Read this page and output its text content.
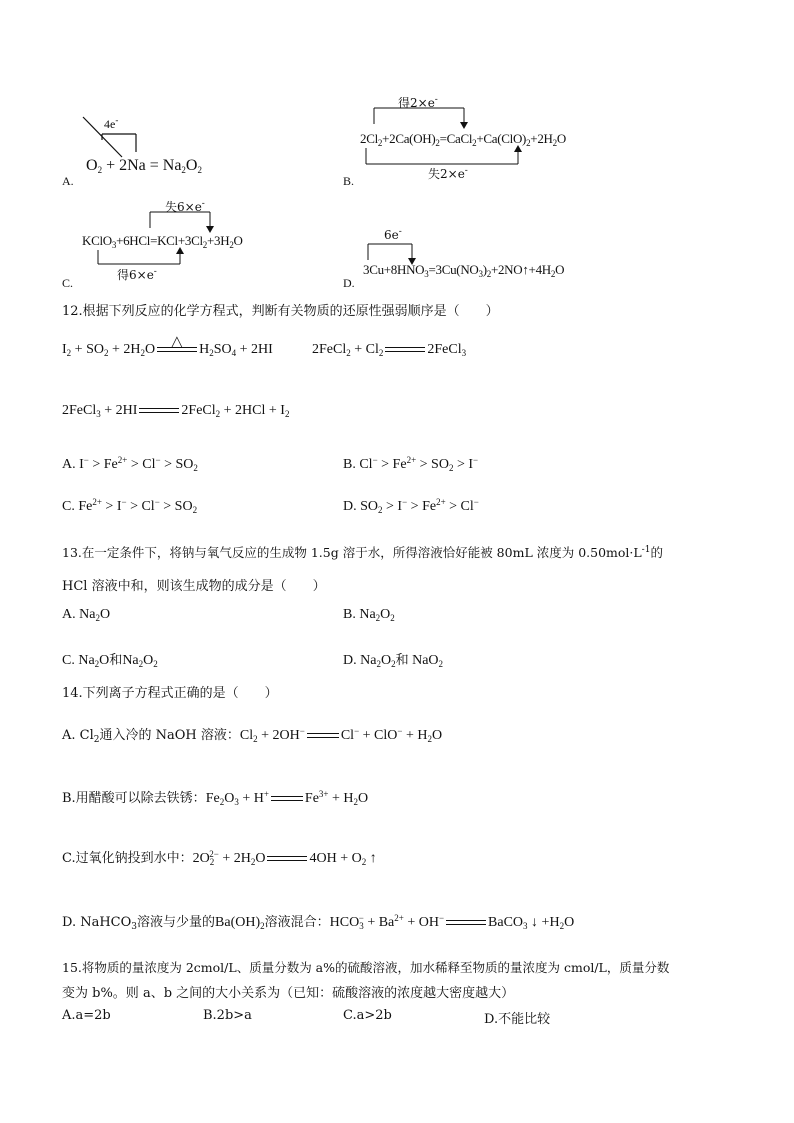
A.
4e-
$O_2 + 2Na = Na_2O_2$
B.
得2×e-
$2Cl_2+2Ca(OH)_2=CaCl_2+Ca(ClO)_2+2H_2O$
失2×e-
C.
失6×e-
$KClO_3+6HCl=KCl+3Cl_2+3H_2O$
得6×e-
D.
6e-
$3Cu+8HNO_3=3Cu(NO_3)_2+2NO↑+4H_2O$
12.根据下列反应的化学方程式，判断有关物质的还原性强弱顺序是（　　）
$I_2 + SO_2 + 2H_2O$ △ $H_2SO_4 + 2HI$	2FeCl$_2$ + $Cl_2$	2FeCl$_3$
2FeCl$_3$ + 2HI	2FeCl$_2$ + $2HCl + I_2$
A. $I^- > Fe^{2+} > Cl^- > SO_2$	B. $Cl^- > Fe^{2+} > SO_2 > I^-$
C. $Fe^{2+} > I^- > Cl^- > SO_2$	D. $SO_2 > I^- > Fe^{2+} > Cl^-$
13.在一定条件下，将钠与氧气反应的生成物 1.5g 溶于水，所得溶液恰好能被 80mL 浓度为 $0.50mol\cdot L^{-1}$的
HCl 溶液中和，则该生成物的成分是（　　）
A. $Na_2O$	B. $Na_2O_2$
C. $Na_2O$和$Na_2O_2$	D. $Na_2O_2$和 NaO$_2$
14.下列离子方程式正确的是（　　）
A. $Cl_2$通入冷的 NaOH 溶液：$Cl_2 + 2OH^-$	$Cl^- + ClO^- + H_2O$
B.用醋酸可以除去铁锈：$Fe_2O_3 + H^+$	$Fe^{3+} + H_2O$
C.过氧化钠投到水中：$2O_2^{2-} + 2H_2O$	$4OH + O_2$ ↑
D. NaHCO$_3$溶液与少量的$Ba(OH)_2$溶液混合：$HCO_3^- + Ba^{2+} + OH^-$	BaCO$_3$ ↓ $+H_2O$
15.将物质的量浓度为 2cmol/L、质量分数为 a%的硫酸溶液，加水稀释至物质的量浓度为 cmol/L，质量分数
变为 b%。则 a、b 之间的大小关系为（已知：硫酸溶液的浓度越大密度越大）
A.a=2b	B.2b>a	C.a>2b	D.不能比较
